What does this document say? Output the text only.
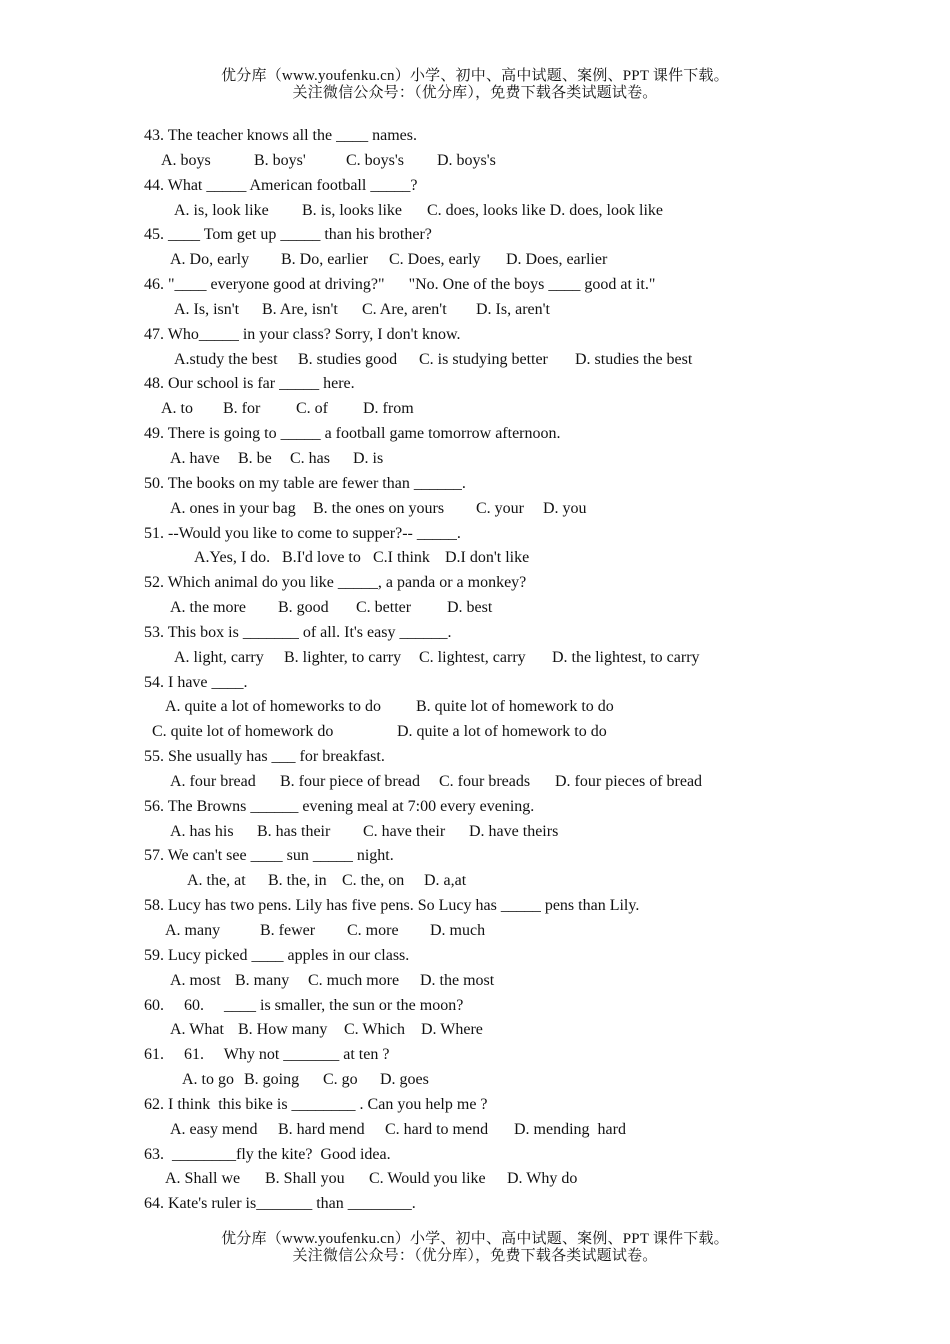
优分库（www.youfenku.cn）小学、初中、高中试题、案例、PPT 课件下载。
关注微信公众号：（优分库），免费下载各类试题试卷。
43. The teacher knows all the ____ names.
A. boys	B. boys'	C. boys's D. boys's
44. What _____ American football _____?
A. is, look like B. is, looks like C. does, looks like D. does, look like
45. ____ Tom get up _____ than his brother?
A. Do, early B. Do, earlier C. Does, early D. Does, earlier
46. "____ everyone good at driving?"      "No. One of the boys ____ good at it."
A. Is, isn't B. Are, isn't C. Are, aren't D. Is, aren't
47. Who_____ in your class? Sorry, I don't know.
A.study the best B. studies good C. is studying better D. studies the best
48. Our school is far _____ here.
A. to B. for C. of D. from
49. There is going to _____ a football game tomorrow afternoon.
A. have B. be C. has D. is
50. The books on my table are fewer than ______.
A. ones in your bag B. the ones on yours C. your D. you
51. --Would you like to come to supper?-- _____.
A.Yes, I do. B.I'd love to C.I think D.I don't like
52. Which animal do you like _____, a panda or a monkey?
A. the more B. good C. better D. best
53. This box is _______ of all. It's easy ______.
A. light, carry B. lighter, to carry C. lightest, carry D. the lightest, to carry
54. I have ____.
A. quite a lot of homeworks to do B. quite lot of homework to do
C. quite lot of homework do	D. quite a lot of homework to do
55. She usually has ___ for breakfast.
A. four bread B. four piece of bread C. four breads D. four pieces of bread
56. The Browns ______ evening meal at 7:00 every evening.
A. has his B. has their C. have their D. have theirs
57. We can't see ____ sun _____ night.
A. the, at B. the, in C. the, on D. a,at
58. Lucy has two pens. Lily has five pens. So Lucy has _____ pens than Lily.
A. many B. fewer C. more D. much
59. Lucy picked ____ apples in our class.
A. most B. many C. much more D. the most
60.     60.     ____ is smaller, the sun or the moon?
A. What B. How many C. Which D. Where
61.     61.     Why not _______ at ten ?
A. to go B. going C. go D. goes
62. I think  this bike is ________ . Can you help me ?
A. easy mend B. hard mend C. hard to mend D. mending  hard
63.  ________fly the kite?  Good idea.
A. Shall we B. Shall you C. Would you like D. Why do
64. Kate's ruler is_______ than ________.
优分库（www.youfenku.cn）小学、初中、高中试题、案例、PPT 课件下载。
关注微信公众号：（优分库），免费下载各类试题试卷。
